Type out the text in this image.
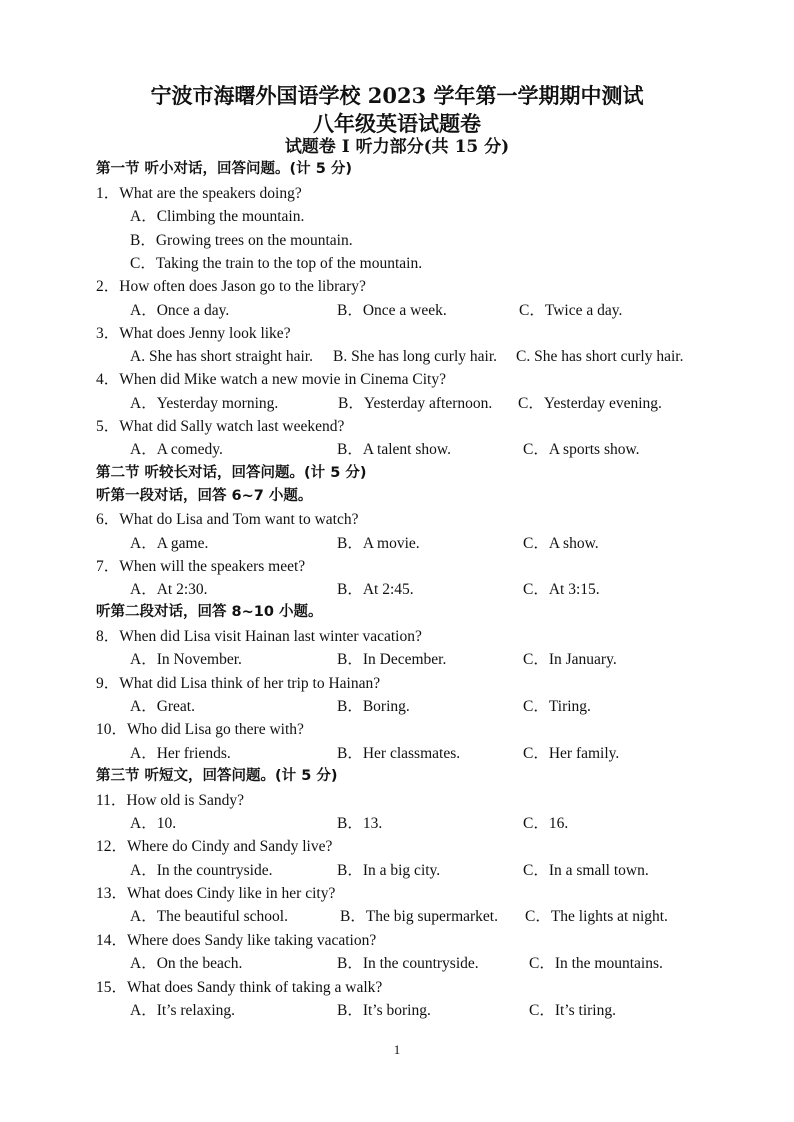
宁波市海曙外国语学校 2023 学年第一学期期中测试
八年级英语试题卷
试题卷 I 听力部分(共 15 分)
第一节 听小对话，回答问题。(计 5 分)
1．What are the speakers doing?
A．Climbing the mountain.
B．Growing trees on the mountain.
C．Taking the train to the top of the mountain.
2．How often does Jason go to the library?
A．Once a day.	B．Once a week.	C．Twice a day.
3．What does Jenny look like?
A. She has short straight hair. B. She has long curly hair. C. She has short curly hair.
4．When did Mike watch a new movie in Cinema City?
A．Yesterday morning.	B．Yesterday afternoon. C．Yesterday evening.
5．What did Sally watch last weekend?
A．A comedy.	B．A talent show.	C．A sports show.
第二节 听较长对话，回答问题。(计 5 分)
听第一段对话，回答 6~7 小题。
6．What do Lisa and Tom want to watch?
A．A game.	B．A movie.	C．A show.
7．When will the speakers meet?
A．At 2:30.	B．At 2:45.	C．At 3:15.
听第二段对话，回答 8~10 小题。
8．When did Lisa visit Hainan last winter vacation?
A．In November.	B．In December.	C．In January.
9．What did Lisa think of her trip to Hainan?
A．Great.	B．Boring.	C．Tiring.
10．Who did Lisa go there with?
A．Her friends.	B．Her classmates.	C．Her family.
第三节 听短文，回答问题。(计 5 分)
11．How old is Sandy?
A．10.	B．13.	C．16.
12．Where do Cindy and Sandy live?
A．In the countryside.	B．In a big city.	C．In a small town.
13．What does Cindy like in her city?
A．The beautiful school.	B．The big supermarket. C．The lights at night.
14．Where does Sandy like taking vacation?
A．On the beach.	B．In the countryside.	C．In the mountains.
15．What does Sandy think of taking a walk?
A．It’s relaxing.	B．It’s boring.	C．It’s tiring.
1
